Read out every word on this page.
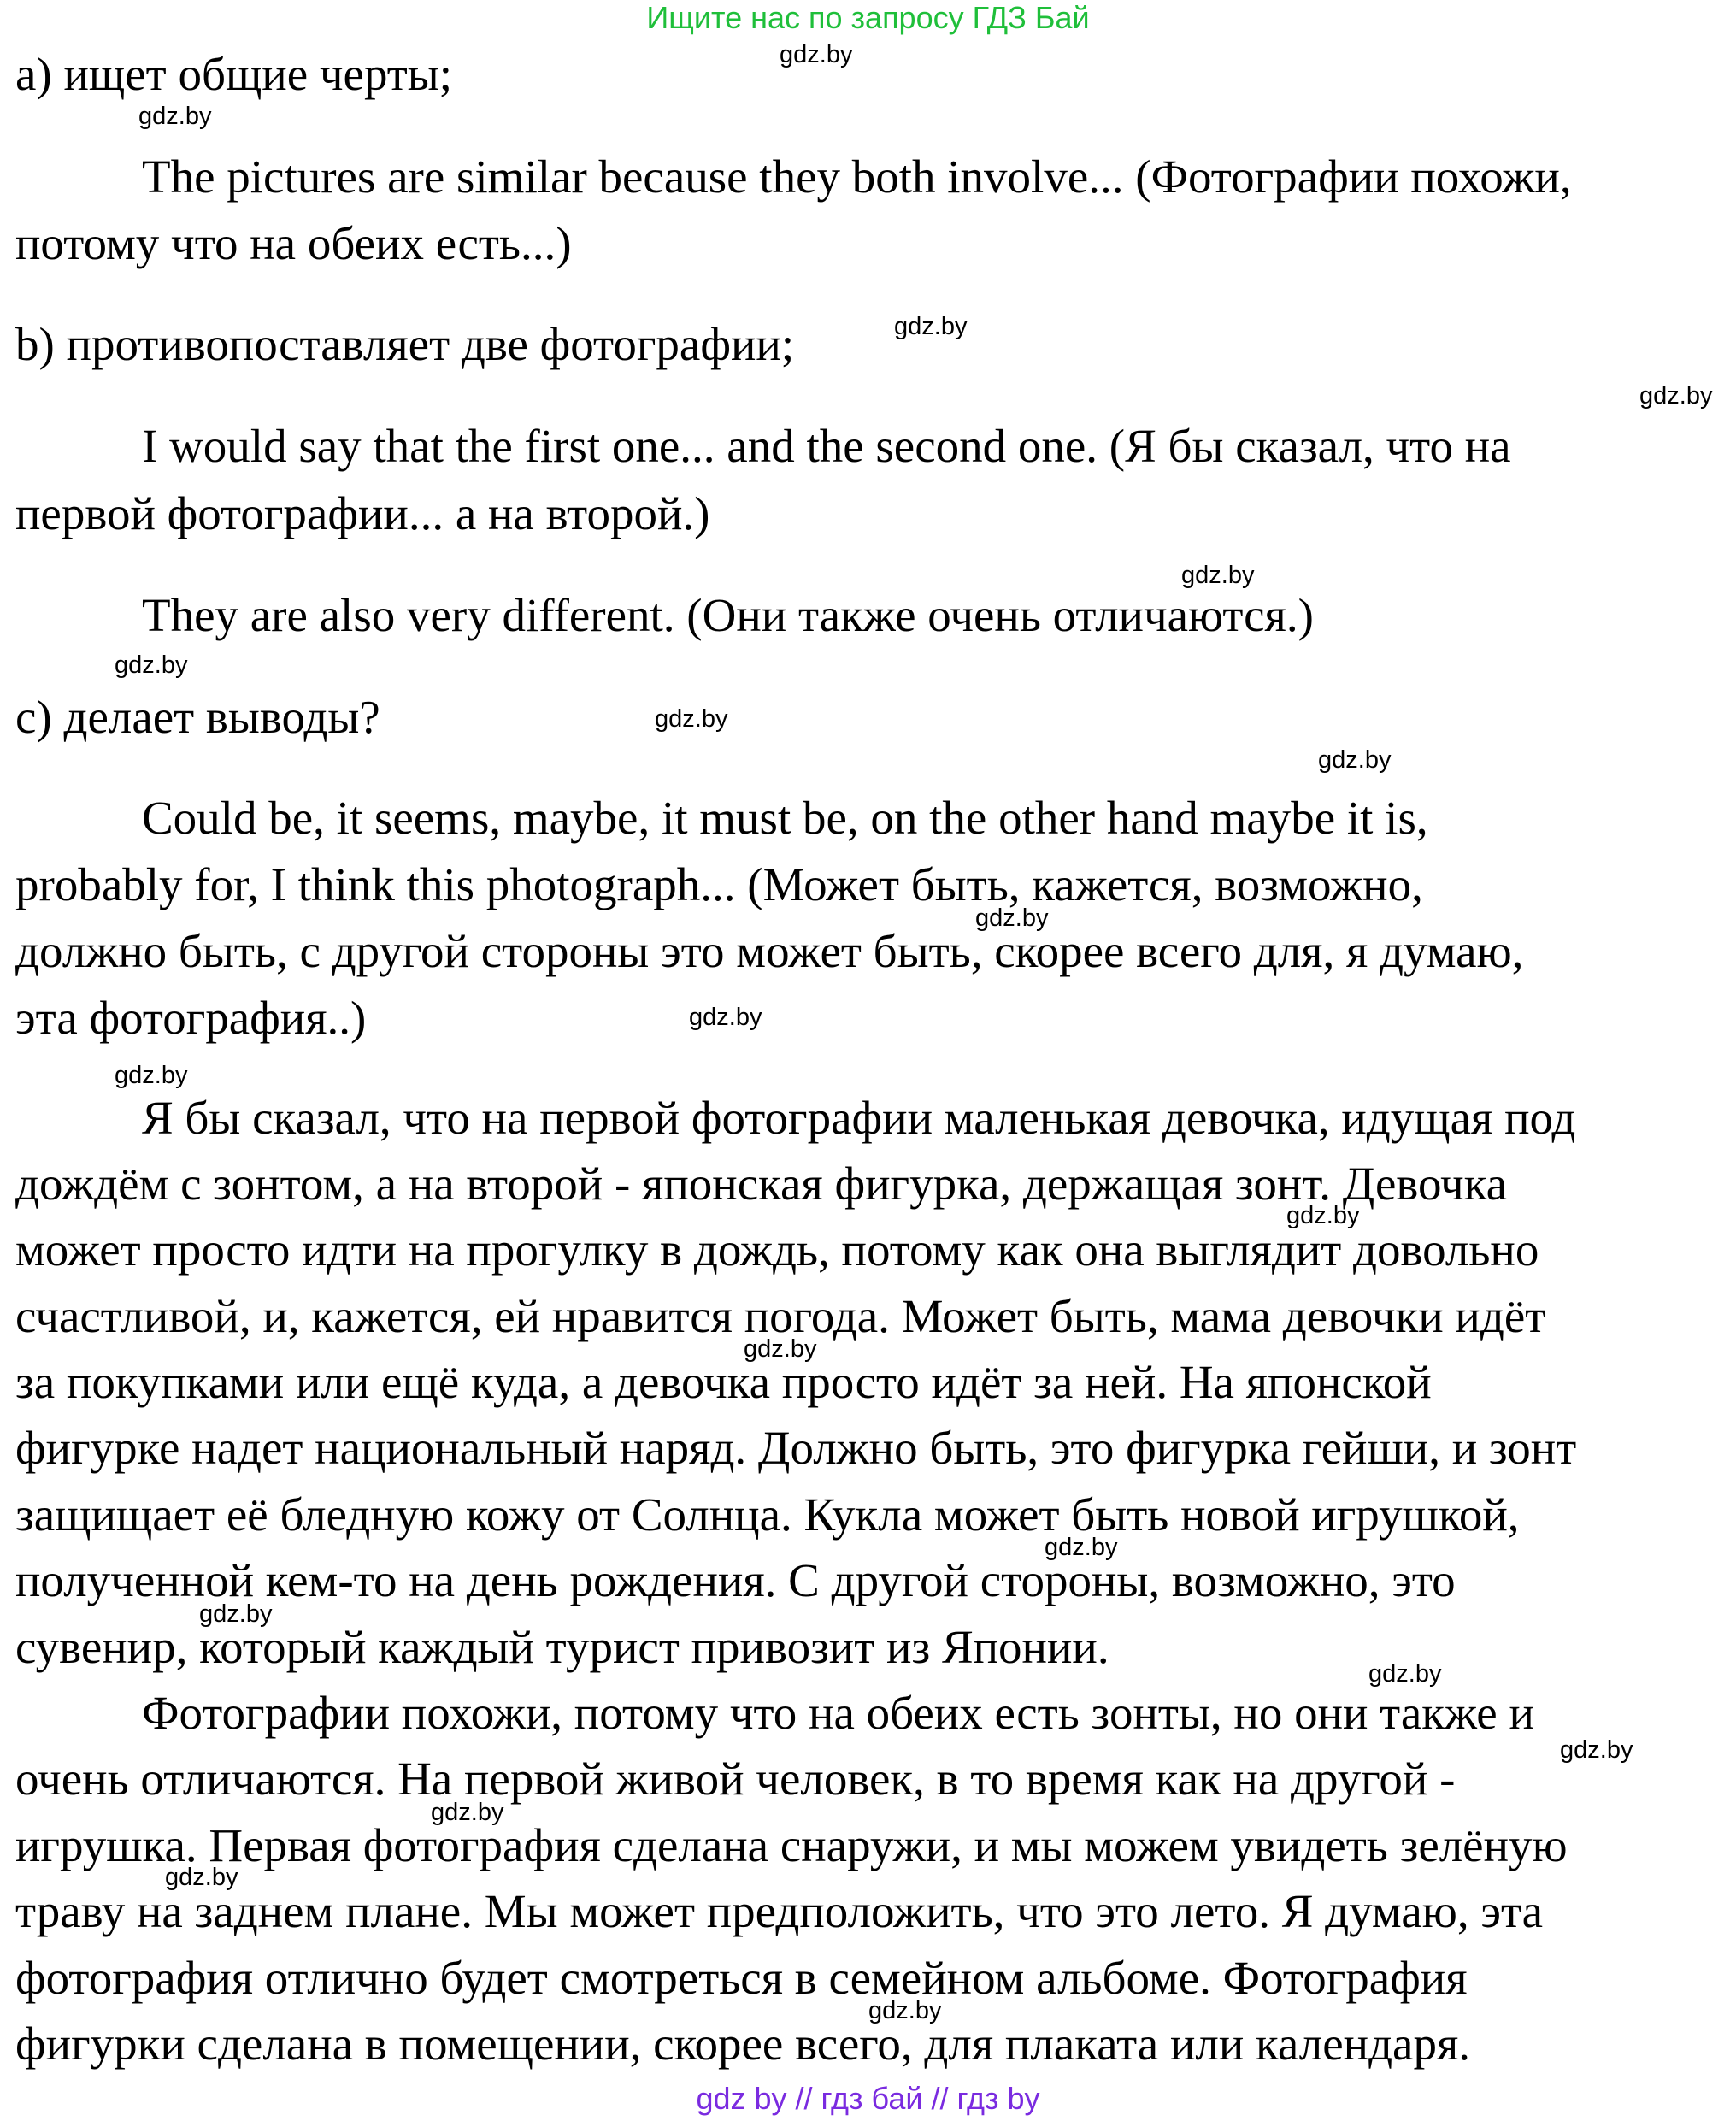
Ищите нас по запросу ГДЗ Бай
а) ищет общие черты;
The pictures are similar because they both involve... (Фотографии похожи,
потому что на обеих есть...)
b) противопоставляет две фотографии;
I would say that the first one... and the second one. (Я бы сказал, что на
первой фотографии... а на второй.)
They are also very different. (Они также очень отличаются.)
с) делает выводы?
Could be, it seems, maybe, it must be, on the other hand maybe it is,
probably for, I think this photograph... (Может быть, кажется, возможно,
должно быть, с другой стороны это может быть, скорее всего для, я думаю,
эта фотография..)
Я бы сказал, что на первой фотографии маленькая девочка, идущая под
дождём с зонтом, а на второй - японская фигурка, держащая зонт. Девочка
может просто идти на прогулку в дождь, потому как она выглядит довольно
счастливой, и, кажется, ей нравится погода. Может быть, мама девочки идёт
за покупками или ещё куда, а девочка просто идёт за ней. На японской
фигурке надет национальный наряд. Должно быть, это фигурка гейши, и зонт
защищает её бледную кожу от Солнца. Кукла может быть новой игрушкой,
полученной кем-то на день рождения. С другой стороны, возможно, это
сувенир, который каждый турист привозит из Японии.
Фотографии похожи, потому что на обеих есть зонты, но они также и
очень отличаются. На первой живой человек, в то время как на другой -
игрушка. Первая фотография сделана снаружи, и мы можем увидеть зелёную
траву на заднем плане. Мы может предположить, что это лето. Я думаю, эта
фотография отлично будет смотреться в семейном альбоме. Фотография
фигурки сделана в помещении, скорее всего, для плаката или календаря.
gdz.by
gdz.by
gdz.by
gdz.by
gdz.by
gdz.by
gdz.by
gdz.by
gdz.by
gdz.by
gdz.by
gdz.by
gdz.by
gdz.by
gdz.by
gdz.by
gdz.by
gdz.by
gdz.by
gdz.by
gdz by // гдз бай // гдз by
